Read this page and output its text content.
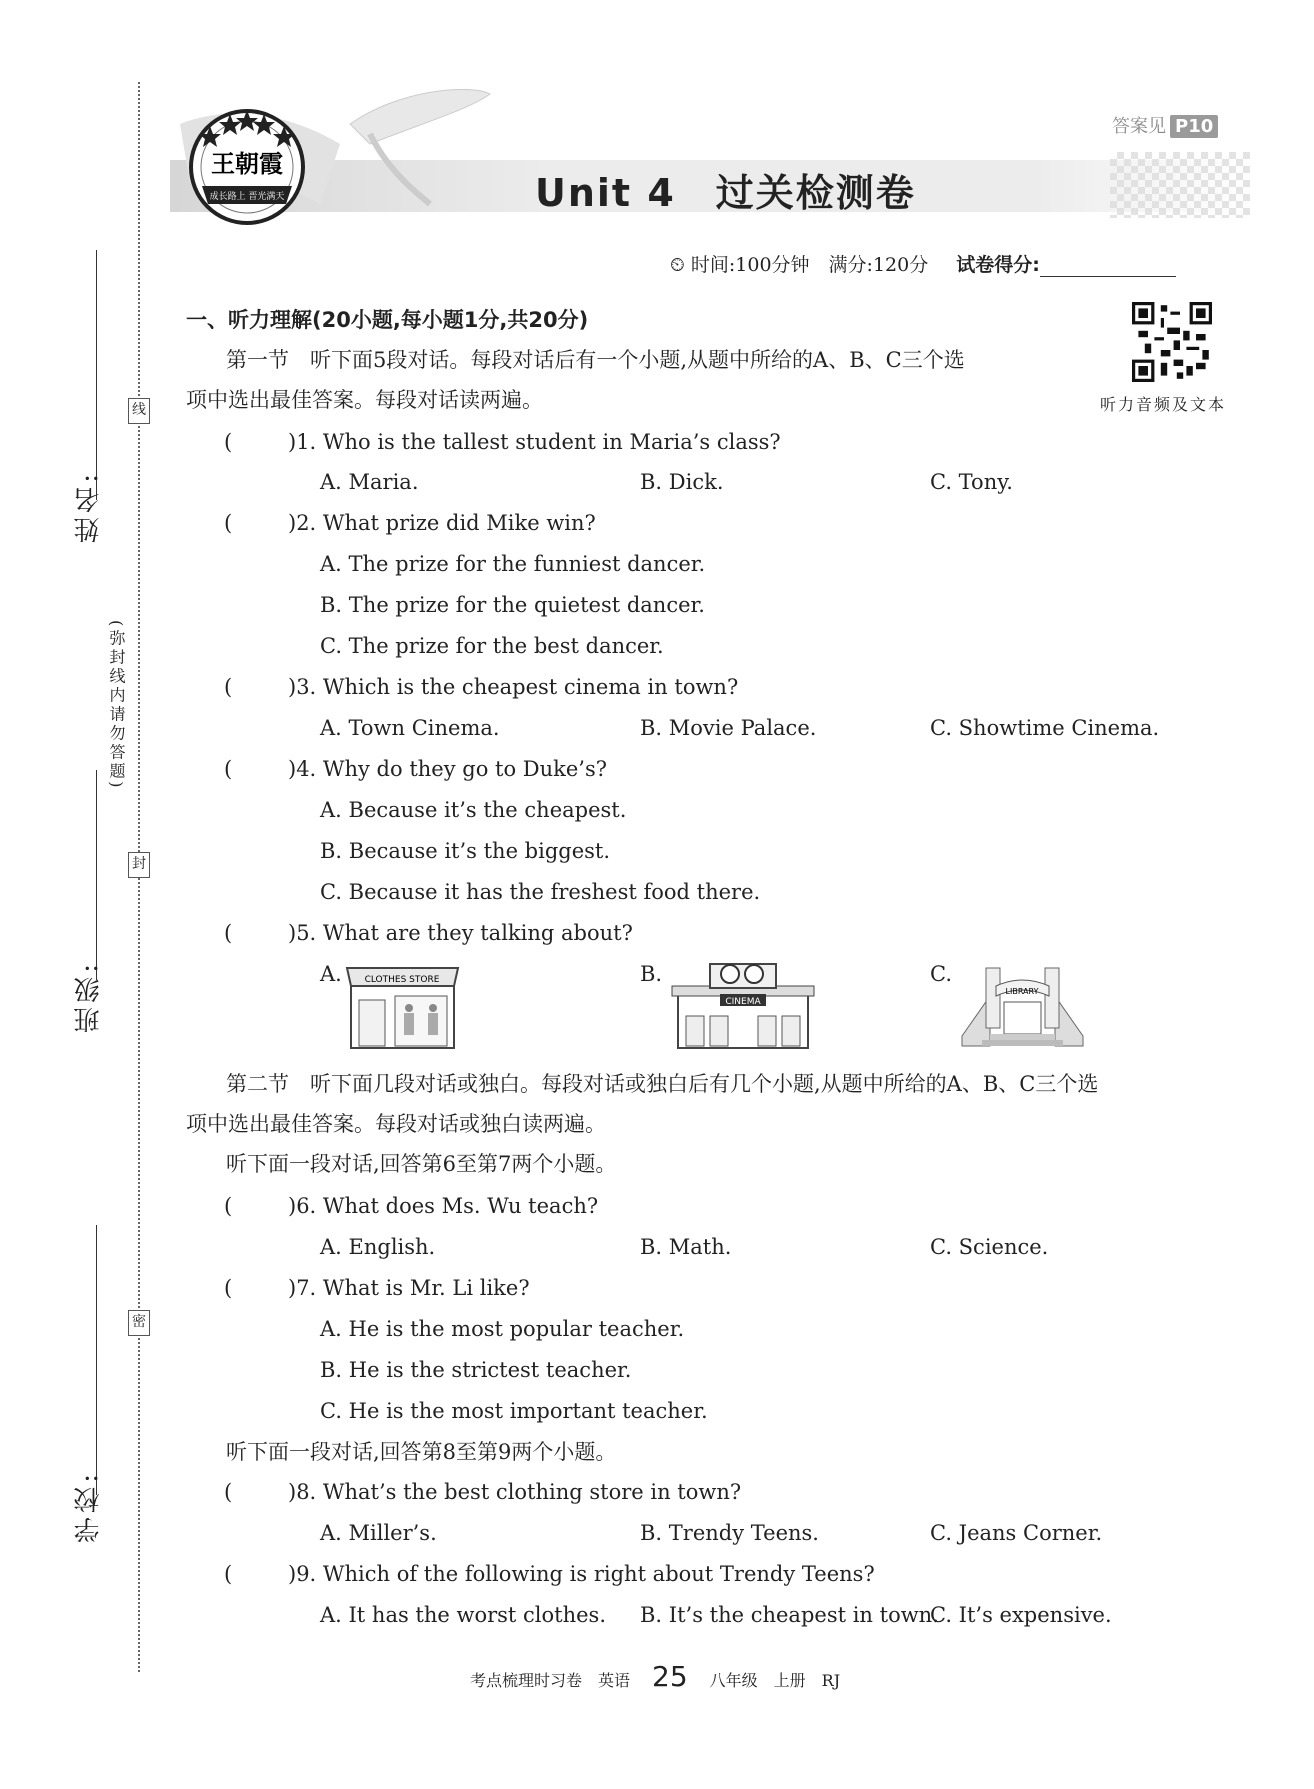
姓名:
线
(弥封线内请勿答题)
封
班级:
密
学校:
王朝霞
成长路上 晋光满天
答案见 P10
Unit 4　过关检测卷
⏲ 时间:100分钟　满分:120分 试卷得分:
听力音频及文本
一、听力理解(20小题,每小题1分,共20分)
第一节　听下面5段对话。每段对话后有一个小题,从题中所给的A、B、C三个选
项中选出最佳答案。每段对话读两遍。
(	)1. Who is the tallest student in Maria’s class?
A. Maria.	B. Dick.	C. Tony.
(	)2. What prize did Mike win?
A. The prize for the funniest dancer.
B. The prize for the quietest dancer.
C. The prize for the best dancer.
(	)3. Which is the cheapest cinema in town?
A. Town Cinema.	B. Movie Palace.	C. Showtime Cinema.
(	)4. Why do they go to Duke’s?
A. Because it’s the cheapest.
B. Because it’s the biggest.
C. Because it has the freshest food there.
(	)5. What are they talking about?
A.	CLOTHES STORE	B.
CINEMA
C.
LIBRARY
第二节　听下面几段对话或独白。每段对话或独白后有几个小题,从题中所给的A、B、C三个选
项中选出最佳答案。每段对话或独白读两遍。
听下面一段对话,回答第6至第7两个小题。
(	)6. What does Ms. Wu teach?
A. English.	B. Math.	C. Science.
(	)7. What is Mr. Li like?
A. He is the most popular teacher.
B. He is the strictest teacher.
C. He is the most important teacher.
听下面一段对话,回答第8至第9两个小题。
(	)8. What’s the best clothing store in town?
A. Miller’s.	B. Trendy Teens.	C. Jeans Corner.
(	)9. Which of the following is right about Trendy Teens?
A. It has the worst clothes. B. It’s the cheapest in town.
C. It’s expensive.
考点梳理时习卷　英语 25 八年级　上册　RJ
